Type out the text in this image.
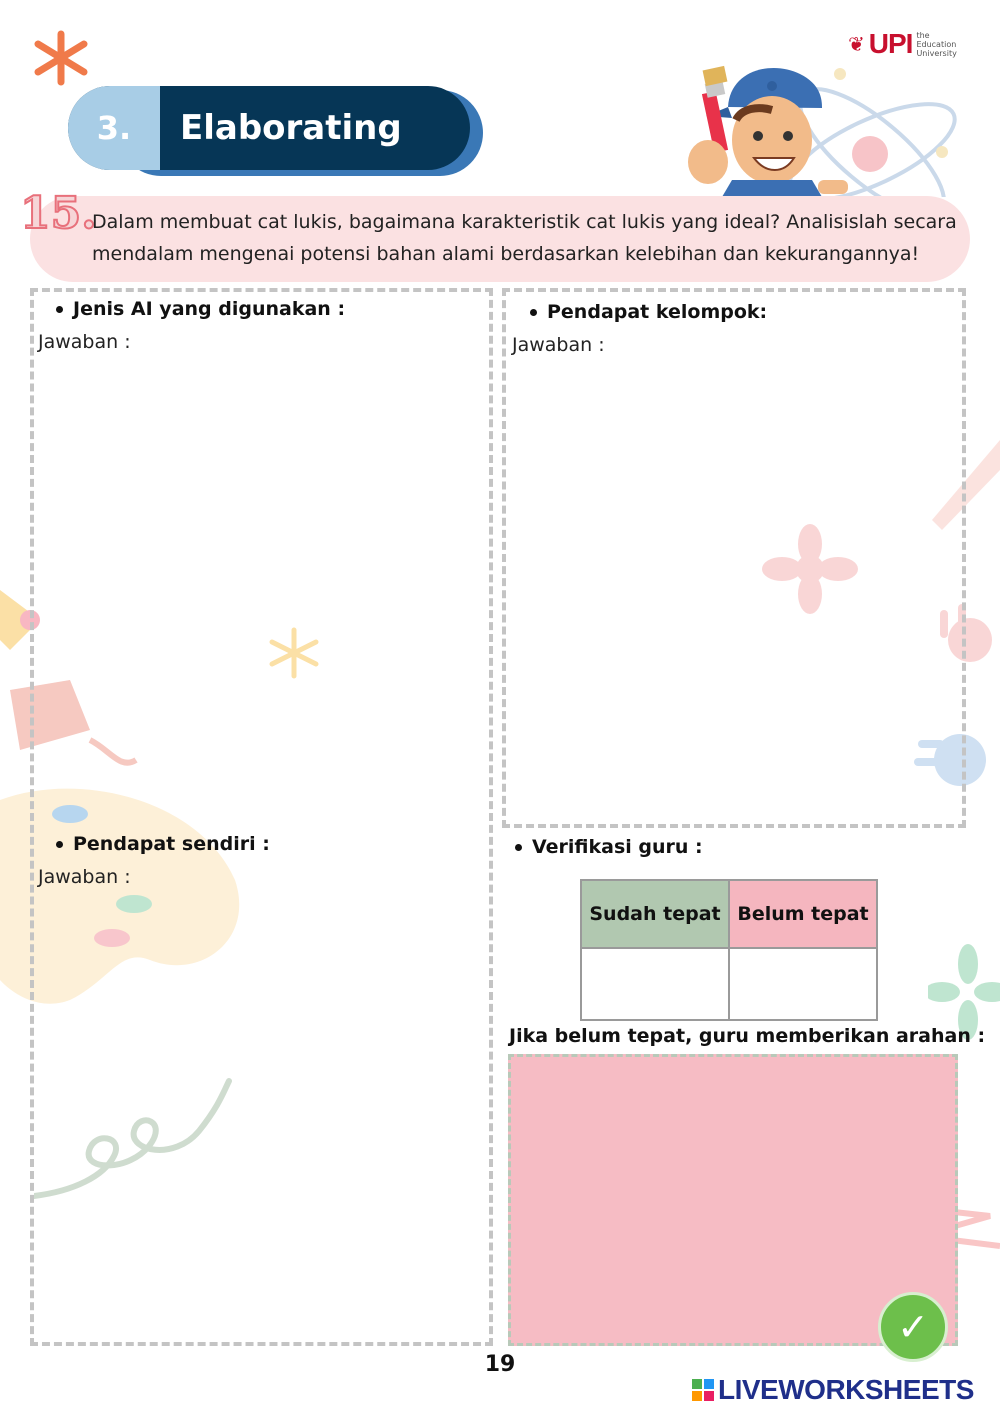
❦ UPI the Education University
3.	Elaborating
15.
Dalam membuat cat lukis, bagaimana karakteristik cat lukis yang ideal? Analisislah secara mendalam mengenai potensi bahan alami berdasarkan kelebihan dan kekurangannya!
Jenis AI yang digunakan :
Jawaban :
Pendapat sendiri :
Jawaban :
Pendapat kelompok:
Jawaban :
Verifikasi guru :
Sudah tepat	Belum tepat

Jika belum tepat, guru memberikan arahan :
✓
19
LIVEWORKSHEETS
